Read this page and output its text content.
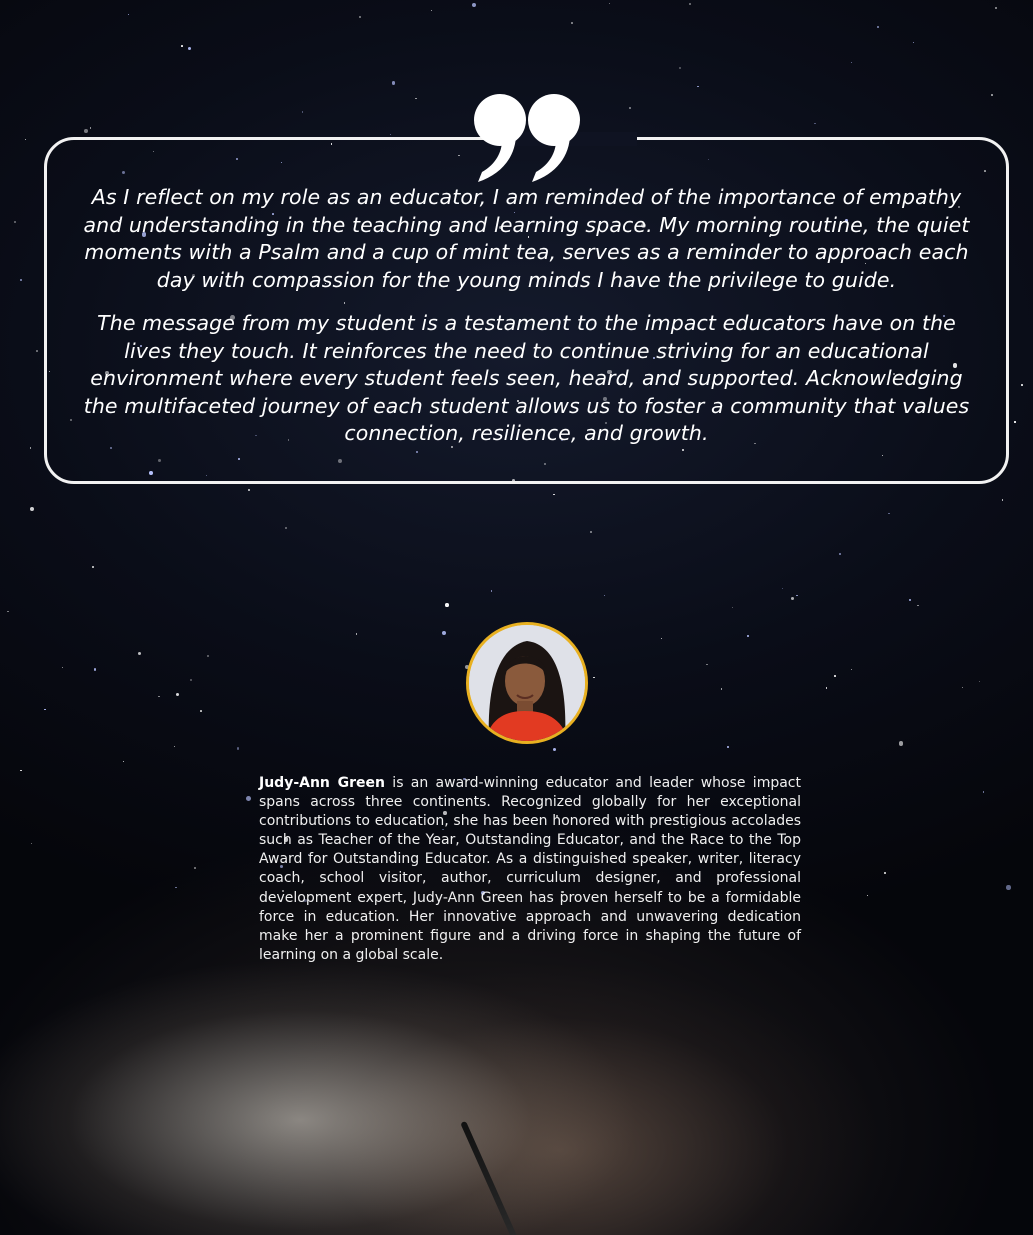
As I reflect on my role as an educator, I am reminded of the importance of empathy and understanding in the teaching and learning space. My morning routine, the quiet moments with a Psalm and a cup of mint tea, serves as a reminder to approach each day with compassion for the young minds I have the privilege to guide.

The message from my student is a testament to the impact educators have on the lives they touch. It reinforces the need to continue striving for an educational environment where every student feels seen, heard, and supported. Acknowledging the multifaceted journey of each student allows us to foster a community that values connection, resilience, and growth.

Judy-Ann Green is an award-winning educator and leader whose impact spans across three continents. Recognized globally for her exceptional contributions to education, she has been honored with prestigious accolades such as Teacher of the Year, Outstanding Educator, and the Race to the Top Award for Outstanding Educator. As a distinguished speaker, writer, literacy coach, school visitor, author, curriculum designer, and professional development expert, Judy-Ann Green has proven herself to be a formidable force in education. Her innovative approach and unwavering dedication make her a prominent figure and a driving force in shaping the future of learning on a global scale.
